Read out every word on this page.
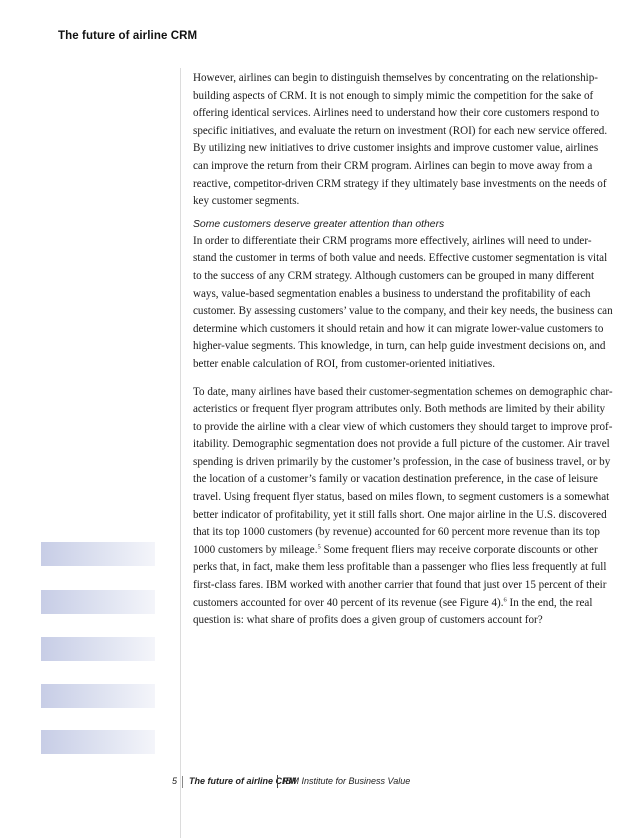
The future of airline CRM

However, airlines can begin to distinguish themselves by concentrating on the relationship-
building aspects of CRM. It is not enough to simply mimic the competition for the sake of
offering identical services. Airlines need to understand how their core customers respond to
specific initiatives, and evaluate the return on investment (ROI) for each new service offered.
By utilizing new initiatives to drive customer insights and improve customer value, airlines
can improve the return from their CRM program. Airlines can begin to move away from a
reactive, competitor-driven CRM strategy if they ultimately base investments on the needs of
key customer segments.

Some customers deserve greater attention than others

In order to differentiate their CRM programs more effectively, airlines will need to under-
stand the customer in terms of both value and needs. Effective customer segmentation is vital
to the success of any CRM strategy. Although customers can be grouped in many different
ways, value-based segmentation enables a business to understand the profitability of each
customer. By assessing customers’ value to the company, and their key needs, the business can
determine which customers it should retain and how it can migrate lower-value customers to
higher-value segments. This knowledge, in turn, can help guide investment decisions on, and
better enable calculation of ROI, from customer-oriented initiatives.

To date, many airlines have based their customer-segmentation schemes on demographic char-
acteristics or frequent flyer program attributes only. Both methods are limited by their ability
to provide the airline with a clear view of which customers they should target to improve prof-
itability. Demographic segmentation does not provide a full picture of the customer. Air travel
spending is driven primarily by the customer’s profession, in the case of business travel, or by
the location of a customer’s family or vacation destination preference, in the case of leisure
travel. Using frequent flyer status, based on miles flown, to segment customers is a somewhat
better indicator of profitability, yet it still falls short. One major airline in the U.S. discovered
that its top 1000 customers (by revenue) accounted for 60 percent more revenue than its top
1000 customers by mileage.$^5$ Some frequent fliers may receive corporate discounts or other
perks that, in fact, make them less profitable than a passenger who flies less frequently at full
first-class fares. IBM worked with another carrier that found that just over 15 percent of their
customers accounted for over 40 percent of its revenue (see Figure 4).$^6$ In the end, the real
question is: what share of profits does a given group of customers account for?

5 The future of airline CRM
IBM Institute for Business Value
